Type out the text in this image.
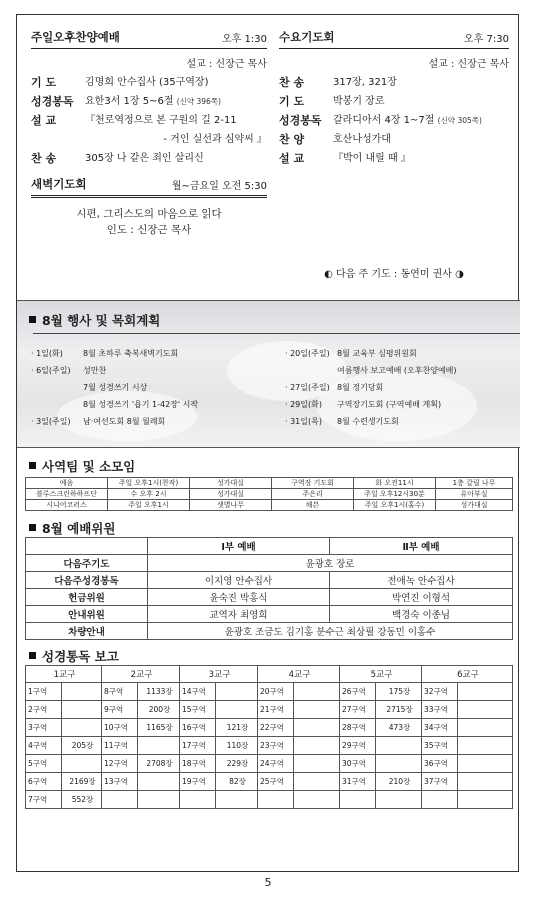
주일오후찬양예배	오후 1:30
설교 : 신장근 목사
기 도	김명희 안수집사 (35구역장)
성경봉독	요한3서 1장 5~6절 (신약 396쪽)
설 교	『천로역정으로 본 구원의 길 2-11
- 거인 실선과 심약씨 』
찬 송	305장 나 같은 죄인 살리신
새벽기도회	월~금요일 오전 5:30
시편, 그리스도의 마음으로 읽다
인도 : 신장근 목사
수요기도회	오후 7:30
설교 : 신장근 목사
찬 송	317장, 321장
기 도	박봉기 장로
성경봉독	갈라디아서 4장 1~7절 (신약 305쪽)
찬 양	호산나성가대
설 교	『박이 내릴 때 』
◐ 다음 주 기도 : 동연미 권사 ◑
8월 행사 및 목회계획
· 1일(화)	8월 초하루 축복새벽기도회
· 6일(주일)	성만찬
7월 성경쓰기 시상
8월 성경쓰기 '욥기 1-42장' 시작
· 3일(주일)	남·여선도회 8월 월례회
· 20일(주일) 8월 교육부 심평위원회
여름행사 보고예배 (오후찬양예배)
· 27일(주일) 8월 정기당회
· 29일(화)	구역장기도회 (구역예배 계획)
· 31일(목)	8월 수련생기도회
사역팀 및 소모임
예음	주일 오후1시(찬작)	성가대실	구역장 기도회	화 오전11시	1층 갈릴 나무
블루스크린하하프단	수 오후 2시	성가대실	주은리	주일 오후12시30분	유아부실
시니어코러스	주일 오후1시	샛별나무	해븐	주일 오후1시(홀수)	성가대실
8월 예배위원
	Ⅰ부 예배	Ⅱ부 예배
다음주기도	윤광호 장로	
다음주성경봉독	이지영 안수집사	전애녹 안수집사
헌금위원	윤숙진 박홍식	박연진 이형석
안내위원	교역자 최영희	백경숙 이종님
차량안내	윤광호 조금도 김기홍 분수근 최상필 강동민 이홍수	
성경통독 보고
1교구		2교구		3교구		4교구		5교구		6교구	
1구역		8구역	1133장	14구역		20구역		26구역	175장	32구역	
2구역		9구역	200장	15구역		21구역		27구역	2715장	33구역	
3구역		10구역	1165장	16구역	121장	22구역		28구역	473장	34구역	
4구역	205장	11구역		17구역	110장	23구역		29구역		35구역	
5구역		12구역	2708장	18구역	229장	24구역		30구역		36구역	
6구역	2169장	13구역		19구역	82장	25구역		31구역	210장	37구역	
7구역	552장										
5
